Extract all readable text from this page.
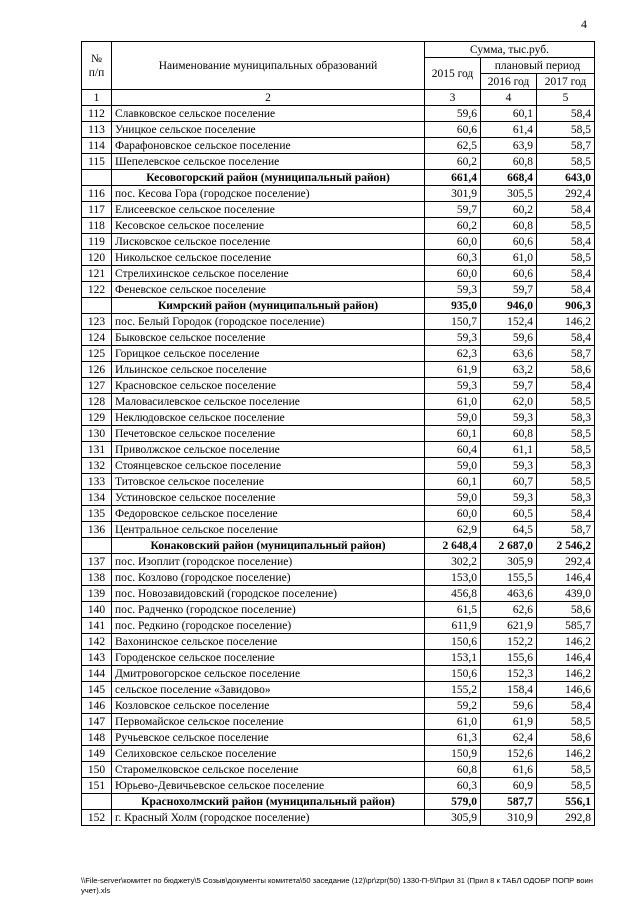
4
№ п/п	Наименование муниципальных образований	Сумма, тыс.руб.		
		2015 год	плановый период	
			2016 год	2017 год
1	2	3	4	5
112	Славковское сельское поселение	59,6	60,1	58,4
113	Уницкое сельское поселение	60,6	61,4	58,5
114	Фарафоновское сельское поселение	62,5	63,9	58,7
115	Шепелевское сельское поселение	60,2	60,8	58,5
	Кесовогорский район (муниципальный район)	661,4	668,4	643,0
116	пос. Кесова Гора (городское поселение)	301,9	305,5	292,4
117	Елисеевское сельское поселение	59,7	60,2	58,4
118	Кесовское сельское поселение	60,2	60,8	58,5
119	Лисковское сельское поселение	60,0	60,6	58,4
120	Никольское сельское поселение	60,3	61,0	58,5
121	Стрелихинское сельское поселение	60,0	60,6	58,4
122	Феневское сельское поселение	59,3	59,7	58,4
	Кимрский район (муниципальный район)	935,0	946,0	906,3
123	пос. Белый Городок (городское поселение)	150,7	152,4	146,2
124	Быковское сельское поселение	59,3	59,6	58,4
125	Горицкое сельское поселение	62,3	63,6	58,7
126	Ильинское сельское поселение	61,9	63,2	58,6
127	Красновское сельское поселение	59,3	59,7	58,4
128	Маловасилевское сельское поселение	61,0	62,0	58,5
129	Неклюдовское сельское поселение	59,0	59,3	58,3
130	Печетовское сельское поселение	60,1	60,8	58,5
131	Приволжское сельское поселение	60,4	61,1	58,5
132	Стоянцевское сельское поселение	59,0	59,3	58,3
133	Титовское сельское поселение	60,1	60,7	58,5
134	Устиновское сельское поселение	59,0	59,3	58,3
135	Федоровское сельское поселение	60,0	60,5	58,4
136	Центральное сельское поселение	62,9	64,5	58,7
	Конаковский район (муниципальный район)	2 648,4	2 687,0	2 546,2
137	пос. Изоплит (городское поселение)	302,2	305,9	292,4
138	пос. Козлово (городское поселение)	153,0	155,5	146,4
139	пос. Новозавидовский (городское поселение)	456,8	463,6	439,0
140	пос. Радченко (городское поселение)	61,5	62,6	58,6
141	пос. Редкино (городское поселение)	611,9	621,9	585,7
142	Вахонинское сельское поселение	150,6	152,2	146,2
143	Городенское сельское поселение	153,1	155,6	146,4
144	Дмитровогорское сельское поселение	150,6	152,3	146,2
145	сельское поселение «Завидово»	155,2	158,4	146,6
146	Козловское сельское поселение	59,2	59,6	58,4
147	Первомайское сельское поселение	61,0	61,9	58,5
148	Ручьевское сельское поселение	61,3	62,4	58,6
149	Селиховское сельское поселение	150,9	152,6	146,2
150	Старомелковское сельское поселение	60,8	61,6	58,5
151	Юрьево-Девичьевское сельское поселение	60,3	60,9	58,5
	Краснохолмский район (муниципальный район)	579,0	587,7	556,1
152	г. Красный Холм (городское поселение)	305,9	310,9	292,8
\\File-server\комитет по бюджету\5 Созыв\документы комитета\50 заседание (12)\pr\zpr(50) 1330-П-5\Прил 31 (Прил 8 к ТАБЛ ОДОБР ПОПР воин учет).xls
